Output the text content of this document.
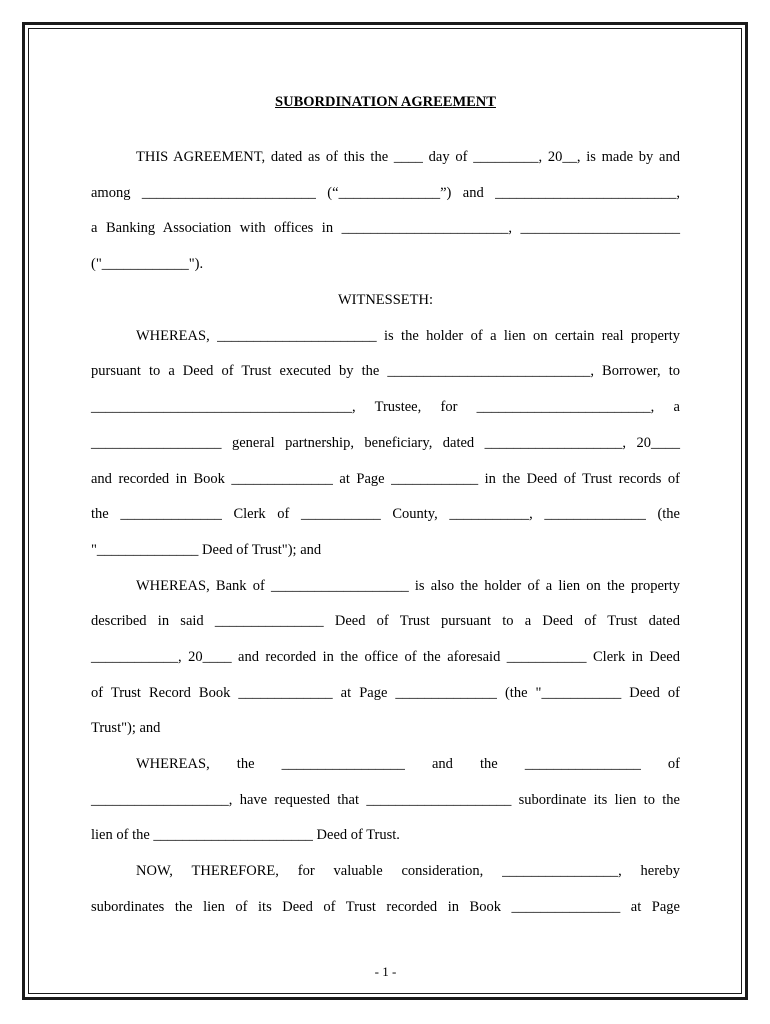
SUBORDINATION AGREEMENT
THIS AGREEMENT, dated as of this the ____ day of _________, 20__, is made by and
among ________________________ (“______________”) and _________________________,
a Banking Association with offices in _______________________, ______________________
("____________").
WITNESSETH:
WHEREAS, ______________________ is the holder of a lien on certain real property
pursuant to a Deed of Trust executed by the ____________________________, Borrower, to
____________________________________, Trustee, for ________________________, a
__________________ general partnership, beneficiary, dated ___________________, 20____
and recorded in Book ______________ at Page ____________ in the Deed of Trust records of
the ______________ Clerk of ___________ County, ___________, ______________ (the
"______________ Deed of Trust"); and
WHEREAS, Bank of ___________________ is also the holder of a lien on the property
described in said _______________ Deed of Trust pursuant to a Deed of Trust dated
____________, 20____ and recorded in the office of the aforesaid ___________ Clerk in Deed
of Trust Record Book _____________ at Page ______________ (the "___________ Deed of
Trust"); and
WHEREAS, the _________________ and the ________________ of
___________________, have requested that ____________________ subordinate its lien to the
lien of the ______________________ Deed of Trust.
NOW, THEREFORE, for valuable consideration, ________________, hereby
subordinates the lien of its Deed of Trust recorded in Book _______________ at Page
- 1 -
